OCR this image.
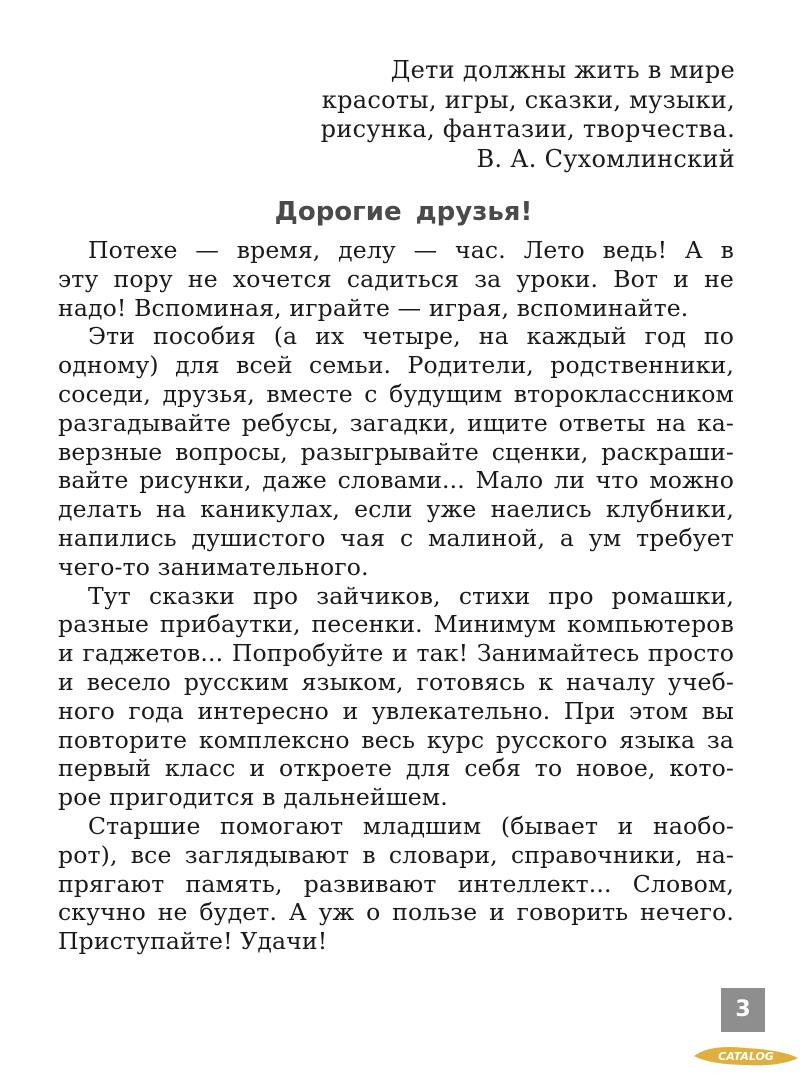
Дети должны жить в мире
красоты, игры, сказки, музыки,
рисунка, фантазии, творчества.
В. А. Сухомлинский
Дорогие друзья!
Потехе — время, делу — час. Лето ведь! А в
эту пору не хочется садиться за уроки. Вот и не
надо! Вспоминая, играйте — играя, вспоминайте.
Эти пособия (а их четыре, на каждый год по
одному) для всей семьи. Родители, родственники,
соседи, друзья, вместе с будущим второклассником
разгадывайте ребусы, загадки, ищите ответы на ка-
верзные вопросы, разыгрывайте сценки, раскраши-
вайте рисунки, даже словами... Мало ли что можно
делать на каникулах, если уже наелись клубники,
напились душистого чая с малиной, а ум требует
чего-то занимательного.
Тут сказки про зайчиков, стихи про ромашки,
разные прибаутки, песенки. Минимум компьютеров
и гаджетов... Попробуйте и так! Занимайтесь просто
и весело русским языком, готовясь к началу учеб-
ного года интересно и увлекательно. При этом вы
повторите комплексно весь курс русского языка за
первый класс и откроете для себя то новое, кото-
рое пригодится в дальнейшем.
Старшие помогают младшим (бывает и наобо-
рот), все заглядывают в словари, справочники, на-
прягают память, развивают интеллект... Словом,
скучно не будет. А уж о пользе и говорить нечего.
Приступайте! Удачи!
3
CATALOG
